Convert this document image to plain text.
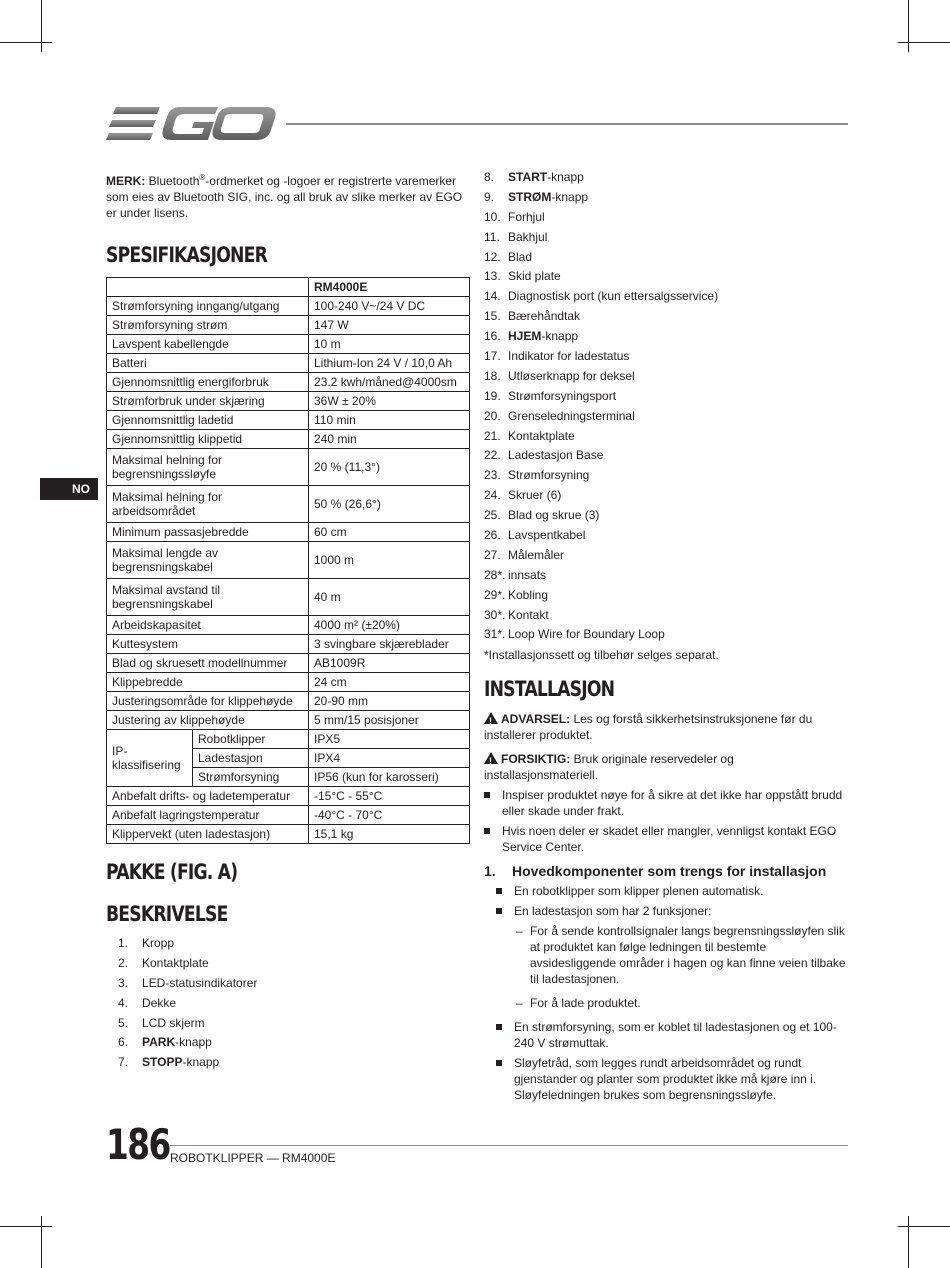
NO

MERK: Bluetooth®-ordmerket og -logoer er registrerte varemerker som eies av Bluetooth SIG, inc. og all bruk av slike merker av EGO er under lisens.

SPESIFIKASJONER
		RM4000E
Strømforsyning inngang/utgang		100-240 V~/24 V DC
Strømforsyning strøm		147 W
Lavspent kabellengde		10 m
Batteri		Lithium-Ion 24 V / 10,0 Ah
Gjennomsnittlig energiforbruk		23.2 kwh/måned@4000sm
Strømforbruk under skjæring		36W ± 20%
Gjennomsnittlig ladetid		110 min
Gjennomsnittlig klippetid		240 min
Maksimal helning for begrensningssløyfe		20 % (11,3°)
Maksimal helning for arbeidsområdet		50 % (26,6°)
Minimum passasjebredde		60 cm
Maksimal lengde av begrensningskabel		1000 m
Maksimal avstand til begrensningskabel		40 m
Arbeidskapasitet		4000 m² (±20%)
Kuttesystem		3 svingbare skjæreblader
Blad og skruesett modellnummer		AB1009R
Klippebredde		24 cm
Justeringsområde for klippehøyde		20-90 mm
Justering av klippehøyde		5 mm/15 posisjoner
IP-klassifisering	Robotklipper	IPX5
	Ladestasjon	IPX4
	Strømforsyning	IP56 (kun for karosseri)
Anbefalt drifts- og ladetemperatur		-15°C - 55°C
Anbefalt lagringstemperatur		-40°C - 70°C
Klippervekt (uten ladestasjon)		15,1 kg
PAKKE (FIG. A)
BESKRIVELSE
1.	Kropp
2.	Kontaktplate
3.	LED-statusindikatorer
4.	Dekke
5.	LCD skjerm
6.	PARK-knapp
7.	STOPP-knapp
8.	START-knapp
9.	STRØM-knapp
10. Forhjul
11. Bakhjul
12. Blad
13. Skid plate
14. Diagnostisk port (kun ettersalgsservice)
15. Bærehåndtak
16. HJEM-knapp
17. Indikator for ladestatus
18. Utløserknapp for deksel
19. Strømforsyningsport
20. Grenseledningsterminal
21. Kontaktplate
22. Ladestasjon Base
23. Strømforsyning
24. Skruer (6)
25. Blad og skrue (3)
26. Lavspentkabel
27. Målemåler
28*. innsats
29*. Kobling
30*. Kontakt
31*. Loop Wire for Boundary Loop

*Installasjonssett og tilbehør selges separat.

INSTALLASJON

!ADVARSEL: Les og forstå sikkerhetsinstruksjonene før du installerer produktet.

!FORSIKTIG: Bruk originale reservedeler og installasjonsmateriell.

Inspiser produktet nøye for å sikre at det ikke har oppstått brudd eller skade under frakt.
Hvis noen deler er skadet eller mangler, vennligst kontakt EGO Service Center.
1.	Hovedkomponenter som trengs for installasjon
En robotklipper som klipper plenen automatisk.
En ladestasjon som har 2 funksjoner:
– For å sende kontrollsignaler langs begrensningssløyfen slik at produktet kan følge ledningen til bestemte avsidesliggende områder i hagen og kan finne veien tilbake til ladestasjonen.
– For å lade produktet.
En strømforsyning, som er koblet til ladestasjonen og et 100-240 V strømuttak.
Sløyfetråd, som legges rundt arbeidsområdet og rundt gjenstander og planter som produktet ikke må kjøre inn i. Sløyfeledningen brukes som begrensningssløyfe.
186 ROBOTKLIPPER — RM4000E
